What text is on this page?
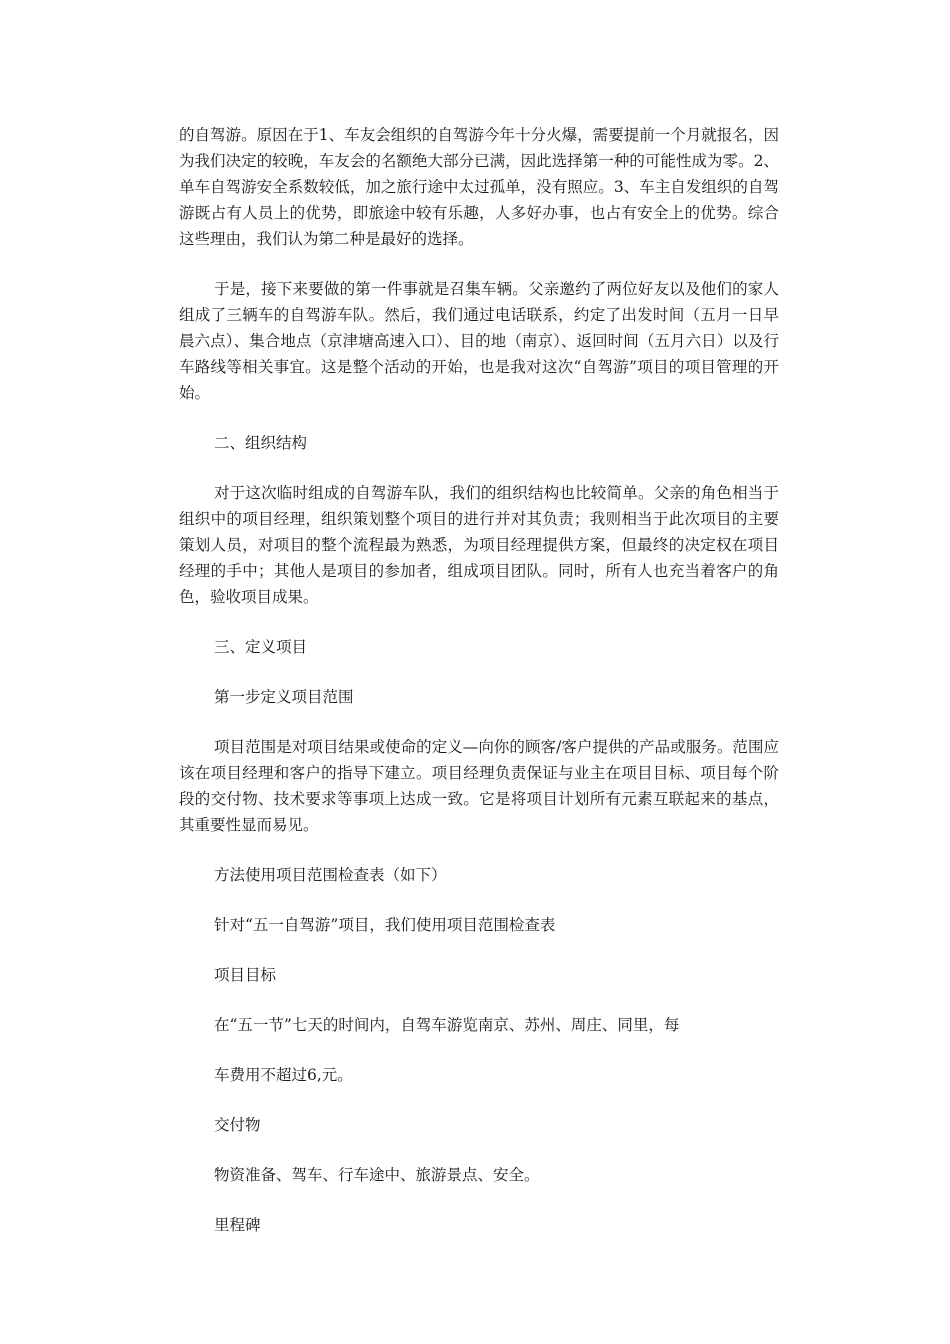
的自驾游。原因在于1、车友会组织的自驾游今年十分火爆，需要提前一个月就报名，因为我们决定的较晚，车友会的名额绝大部分已满，因此选择第一种的可能性成为零。2、单车自驾游安全系数较低，加之旅行途中太过孤单，没有照应。3、车主自发组织的自驾游既占有人员上的优势，即旅途中较有乐趣，人多好办事，也占有安全上的优势。综合这些理由，我们认为第二种是最好的选择。

于是，接下来要做的第一件事就是召集车辆。父亲邀约了两位好友以及他们的家人组成了三辆车的自驾游车队。然后，我们通过电话联系，约定了出发时间（五月一日早晨六点）、集合地点（京津塘高速入口）、目的地（南京）、返回时间（五月六日）以及行车路线等相关事宜。这是整个活动的开始，也是我对这次“自驾游”项目的项目管理的开始。

二、组织结构

对于这次临时组成的自驾游车队，我们的组织结构也比较简单。父亲的角色相当于组织中的项目经理，组织策划整个项目的进行并对其负责；我则相当于此次项目的主要策划人员，对项目的整个流程最为熟悉，为项目经理提供方案，但最终的决定权在项目经理的手中；其他人是项目的参加者，组成项目团队。同时，所有人也充当着客户的角色，验收项目成果。

三、定义项目

第一步定义项目范围

项目范围是对项目结果或使命的定义—向你的顾客/客户提供的产品或服务。范围应该在项目经理和客户的指导下建立。项目经理负责保证与业主在项目目标、项目每个阶段的交付物、技术要求等事项上达成一致。它是将项目计划所有元素互联起来的基点，其重要性显而易见。

方法使用项目范围检查表（如下）

针对“五一自驾游”项目，我们使用项目范围检查表

项目目标

在“五一节”七天的时间内，自驾车游览南京、苏州、周庄、同里，每

车费用不超过6,元。

交付物

物资准备、驾车、行车途中、旅游景点、安全。

里程碑
